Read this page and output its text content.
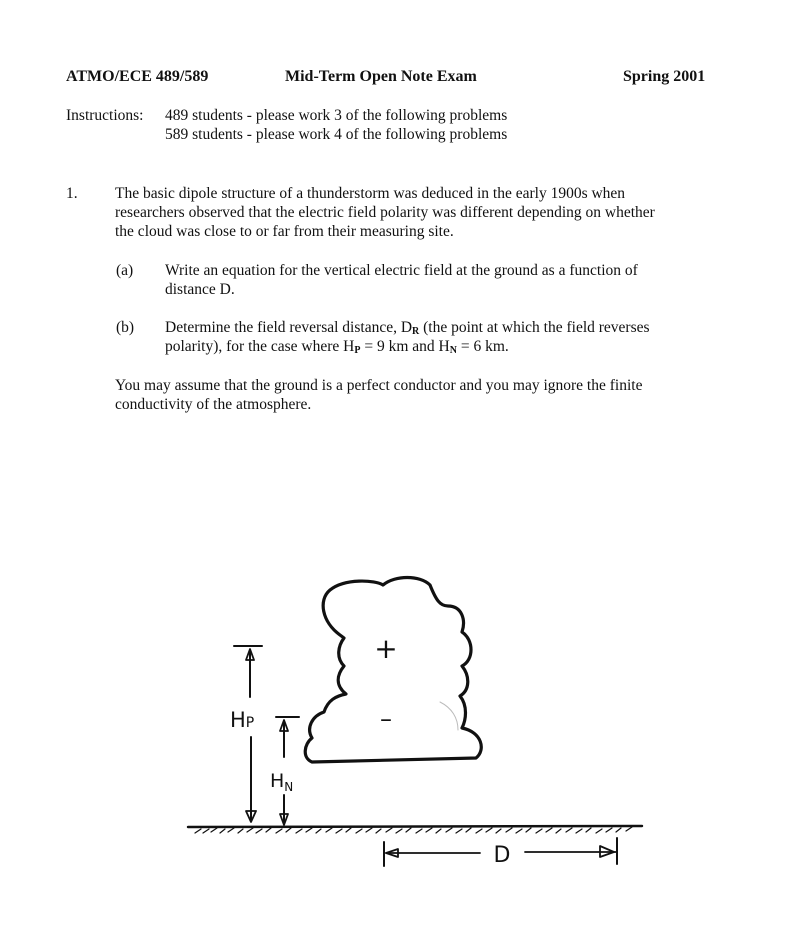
ATMO/ECE 489/589	Mid-Term Open Note Exam	Spring 2001
Instructions: 489 students - please work 3 of the following problems
589 students - please work 4 of the following problems
1. The basic dipole structure of a thunderstorm was deduced in the early 1900s when
researchers observed that the electric field polarity was different depending on whether
the cloud was close to or far from their measuring site.
(a) Write an equation for the vertical electric field at the ground as a function of
distance D.
(b) Determine the field reversal distance, $D_R$ (the point at which the field reverses
polarity), for the case where $H_P = 9$ km and $H_N = 6$ km.
You may assume that the ground is a perfect conductor and you may ignore the finite
conductivity of the atmosphere.
+
–
HP
$H_N$
D
